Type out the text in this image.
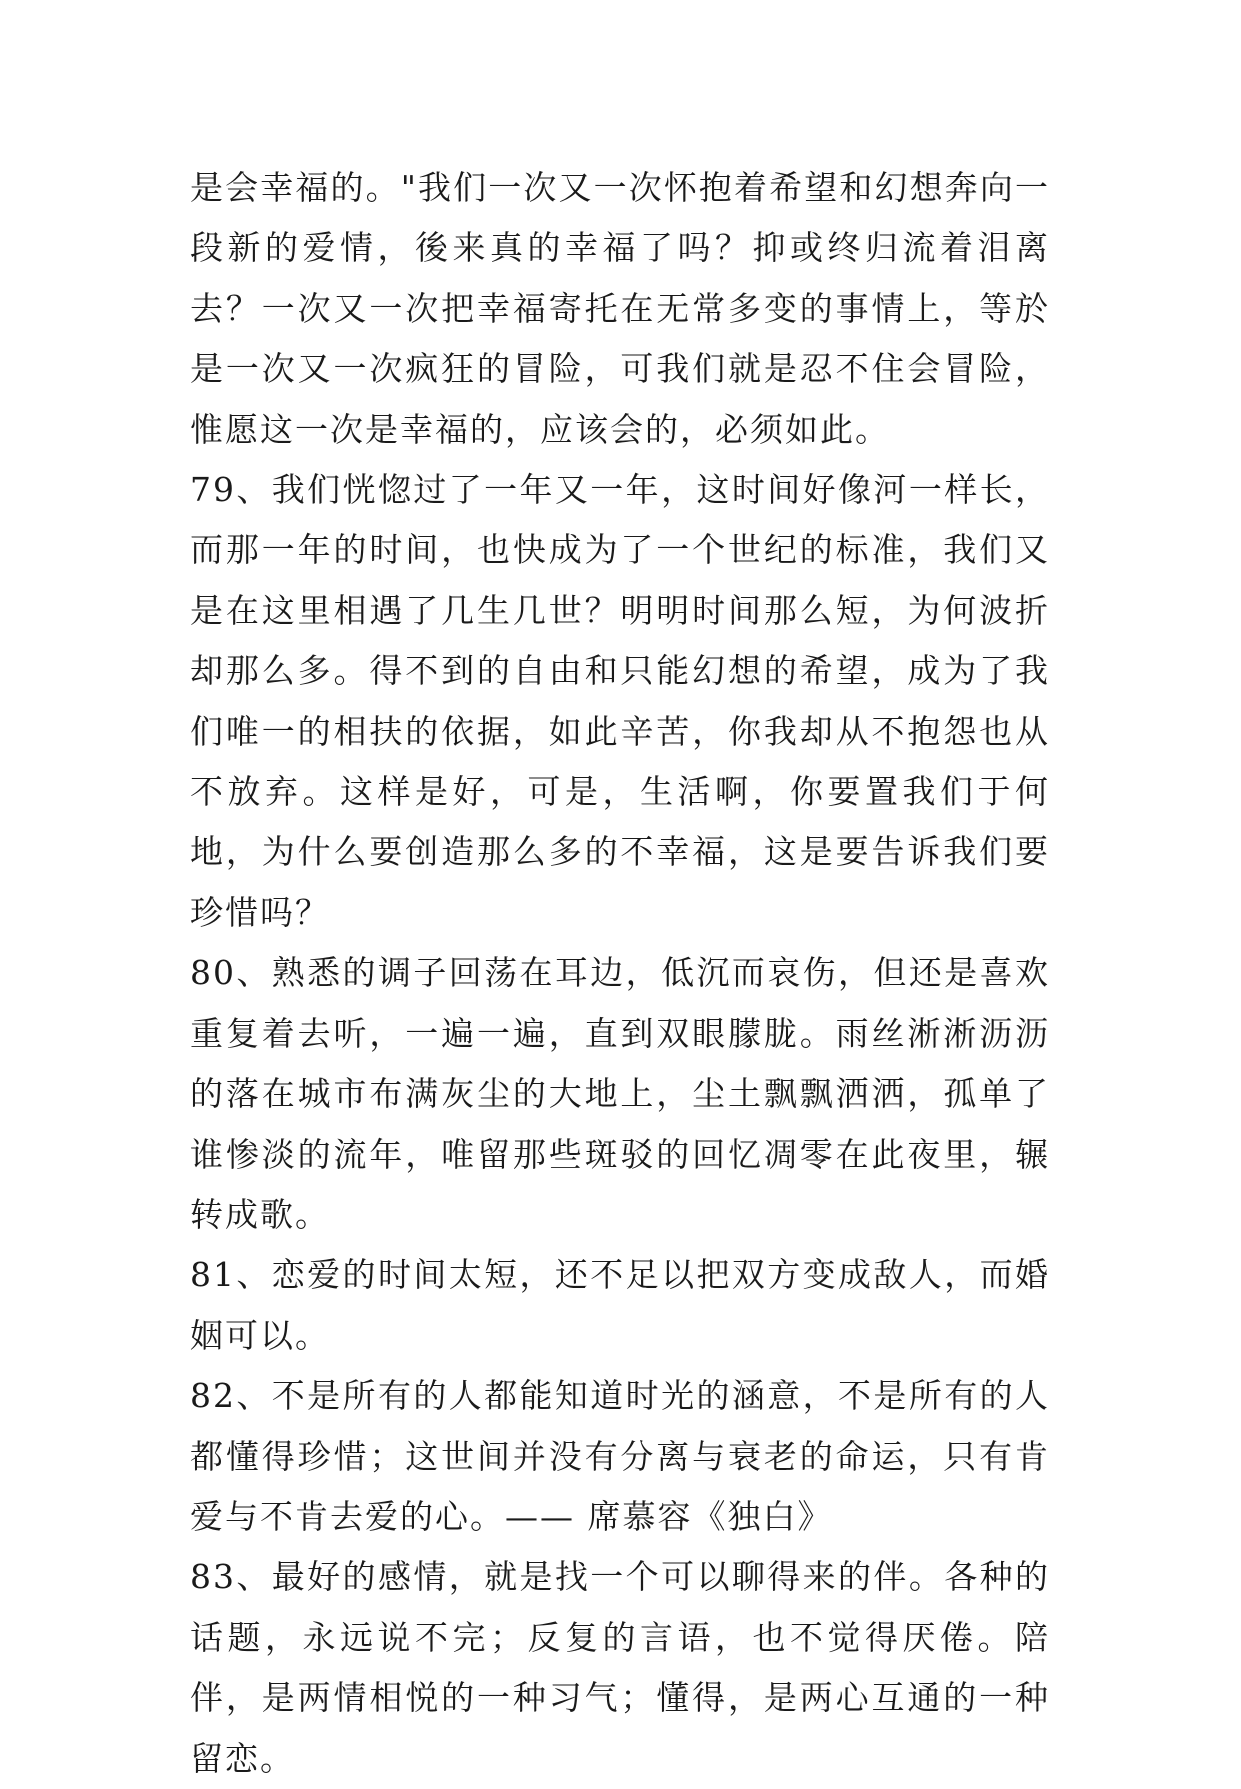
是会幸福的。"我们一次又一次怀抱着希望和幻想奔向一段新的爱情，後来真的幸福了吗？抑或终归流着泪离去？一次又一次把幸福寄托在无常多变的事情上，等於是一次又一次疯狂的冒险，可我们就是忍不住会冒险，惟愿这一次是幸福的，应该会的，必须如此。

79、我们恍惚过了一年又一年，这时间好像河一样长，而那一年的时间，也快成为了一个世纪的标准，我们又是在这里相遇了几生几世？明明时间那么短，为何波折却那么多。得不到的自由和只能幻想的希望，成为了我们唯一的相扶的依据，如此辛苦，你我却从不抱怨也从不放弃。这样是好，可是，生活啊，你要置我们于何地，为什么要创造那么多的不幸福，这是要告诉我们要珍惜吗？

80、熟悉的调子回荡在耳边，低沉而哀伤，但还是喜欢重复着去听，一遍一遍，直到双眼朦胧。雨丝淅淅沥沥的落在城市布满灰尘的大地上，尘土飘飘洒洒，孤单了谁惨淡的流年，唯留那些斑驳的回忆凋零在此夜里，辗转成歌。

81、恋爱的时间太短，还不足以把双方变成敌人，而婚姻可以。

82、不是所有的人都能知道时光的涵意，不是所有的人都懂得珍惜；这世间并没有分离与衰老的命运，只有肯爱与不肯去爱的心。—— 席慕容《独白》

83、最好的感情，就是找一个可以聊得来的伴。各种的话题，永远说不完；反复的言语，也不觉得厌倦。陪伴，是两情相悦的一种习气；懂得，是两心互通的一种留恋。
